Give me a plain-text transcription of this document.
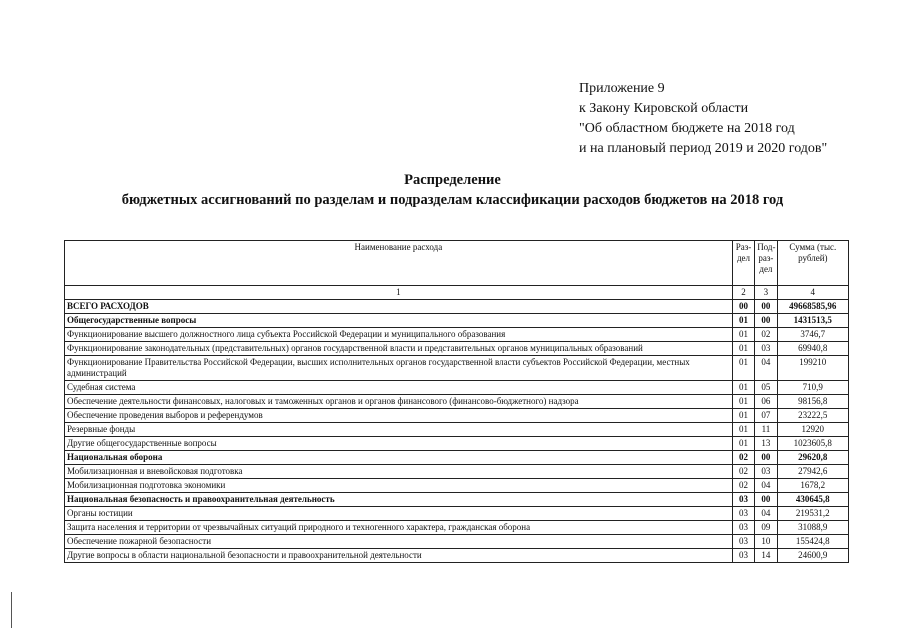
Приложение 9
к Закону Кировской области
"Об областном бюджете на 2018 год
и на плановый период 2019 и 2020 годов"
Распределение
бюджетных ассигнований по разделам и подразделам классификации расходов бюджетов на 2018 год
Наименование расхода	Раз-дел	Под-раз-дел	Сумма (тыс. рублей)
1	2	3	4
ВСЕГО РАСХОДОВ	00	00	49668585,96
Общегосударственные вопросы	01	00	1431513,5
Функционирование высшего должностного лица субъекта Российской Федерации и муниципального образования	01	02	3746,7
Функционирование законодательных (представительных) органов государственной власти и представительных органов муниципальных образований	01	03	69940,8
Функционирование Правительства Российской Федерации, высших исполнительных органов государственной власти субъектов Российской Федерации, местных администраций	01	04	199210
Судебная система	01	05	710,9
Обеспечение деятельности финансовых, налоговых и таможенных органов и органов финансового (финансово-бюджетного) надзора	01	06	98156,8
Обеспечение проведения выборов и референдумов	01	07	23222,5
Резервные фонды	01	11	12920
Другие общегосударственные вопросы	01	13	1023605,8
Национальная оборона	02	00	29620,8
Мобилизационная и вневойсковая подготовка	02	03	27942,6
Мобилизационная подготовка экономики	02	04	1678,2
Национальная безопасность и правоохранительная деятельность	03	00	430645,8
Органы юстиции	03	04	219531,2
Защита населения и территории от чрезвычайных ситуаций природного и техногенного характера, гражданская оборона	03	09	31088,9
Обеспечение пожарной безопасности	03	10	155424,8
Другие вопросы в области национальной безопасности и правоохранительной деятельности	03	14	24600,9
